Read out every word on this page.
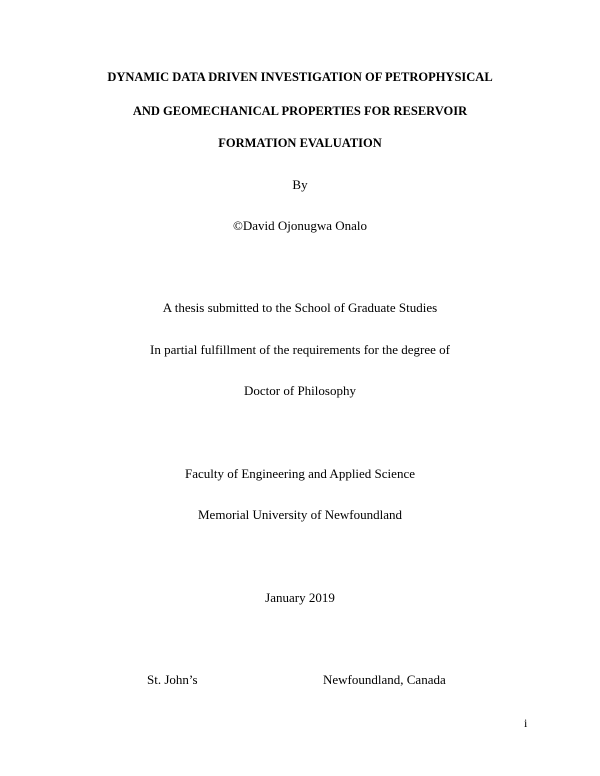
DYNAMIC DATA DRIVEN INVESTIGATION OF PETROPHYSICAL
AND GEOMECHANICAL PROPERTIES FOR RESERVOIR
FORMATION EVALUATION
By
©David Ojonugwa Onalo
A thesis submitted to the School of Graduate Studies
In partial fulfillment of the requirements for the degree of
Doctor of Philosophy
Faculty of Engineering and Applied Science
Memorial University of Newfoundland
January 2019
St. John’s	Newfoundland, Canada
i
